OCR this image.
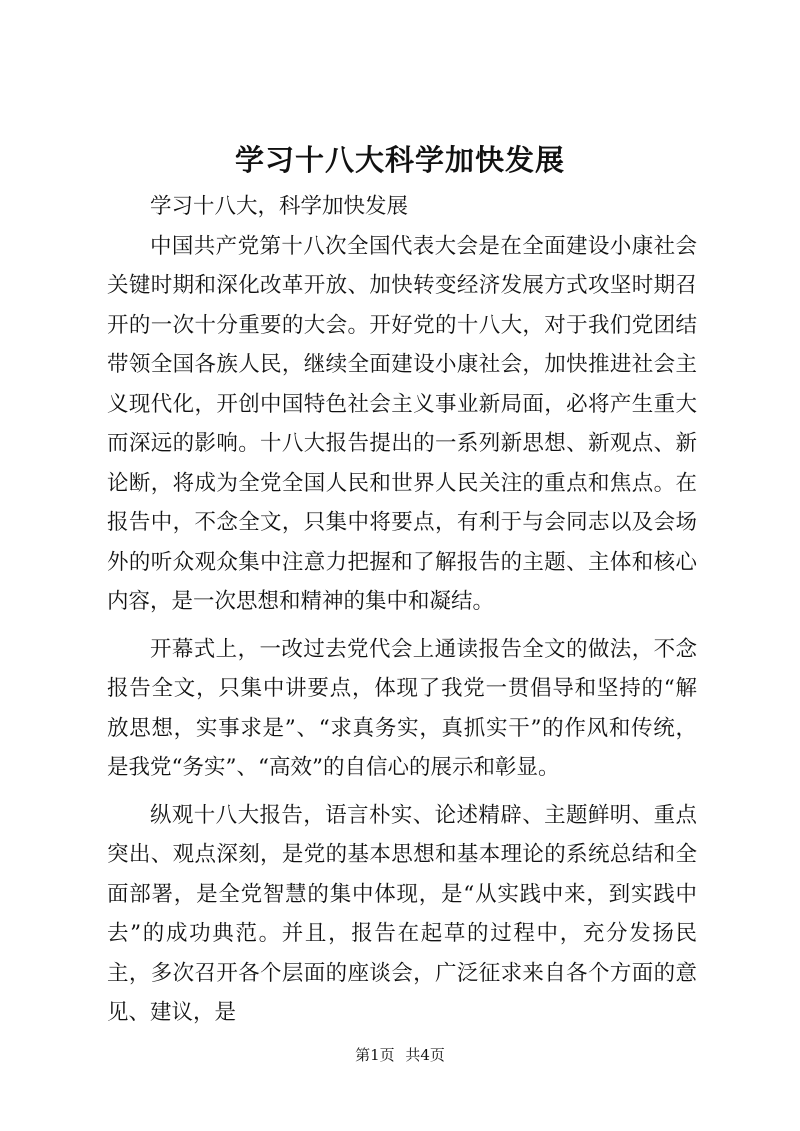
学习十八大科学加快发展

学习十八大，科学加快发展

中国共产党第十八次全国代表大会是在全面建设小康社会关键时期和深化改革开放、加快转变经济发展方式攻坚时期召开的一次十分重要的大会。开好党的十八大，对于我们党团结带领全国各族人民，继续全面建设小康社会，加快推进社会主义现代化，开创中国特色社会主义事业新局面，必将产生重大而深远的影响。十八大报告提出的一系列新思想、新观点、新论断，将成为全党全国人民和世界人民关注的重点和焦点。在报告中，不念全文，只集中将要点，有利于与会同志以及会场外的听众观众集中注意力把握和了解报告的主题、主体和核心内容，是一次思想和精神的集中和凝结。

开幕式上，一改过去党代会上通读报告全文的做法，不念报告全文，只集中讲要点，体现了我党一贯倡导和坚持的“解放思想，实事求是”、“求真务实，真抓实干”的作风和传统，是我党“务实”、“高效”的自信心的展示和彰显。

纵观十八大报告，语言朴实、论述精辟、主题鲜明、重点突出、观点深刻，是党的基本思想和基本理论的系统总结和全面部署，是全党智慧的集中体现，是“从实践中来，到实践中去”的成功典范。并且，报告在起草的过程中，充分发扬民主，多次召开各个层面的座谈会，广泛征求来自各个方面的意见、建议，是

第1页 共4页
